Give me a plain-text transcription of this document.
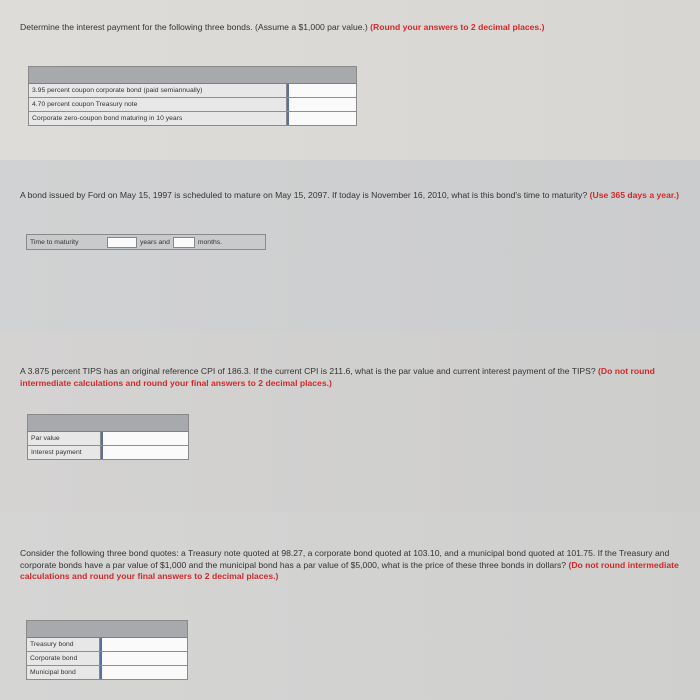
Determine the interest payment for the following three bonds. (Assume a $1,000 par value.) (Round your answers to 2 decimal places.)
3.95 percent coupon corporate bond (paid semiannually)
4.70 percent coupon Treasury note
Corporate zero-coupon bond maturing in 10 years
A bond issued by Ford on May 15, 1997 is scheduled to mature on May 15, 2097. If today is November 16, 2010, what is this bond's time to maturity? (Use 365 days a year.)
Time to maturity	years and	months.
A 3.875 percent TIPS has an original reference CPI of 186.3. If the current CPI is 211.6, what is the par value and current interest payment of the TIPS? (Do not round intermediate calculations and round your final answers to 2 decimal places.)
Par value
Interest payment
Consider the following three bond quotes: a Treasury note quoted at 98.27, a corporate bond quoted at 103.10, and a municipal bond quoted at 101.75. If the Treasury and corporate bonds have a par value of $1,000 and the municipal bond has a par value of $5,000, what is the price of these three bonds in dollars? (Do not round intermediate calculations and round your final answers to 2 decimal places.)
Treasury bond
Corporate bond
Municipal bond
